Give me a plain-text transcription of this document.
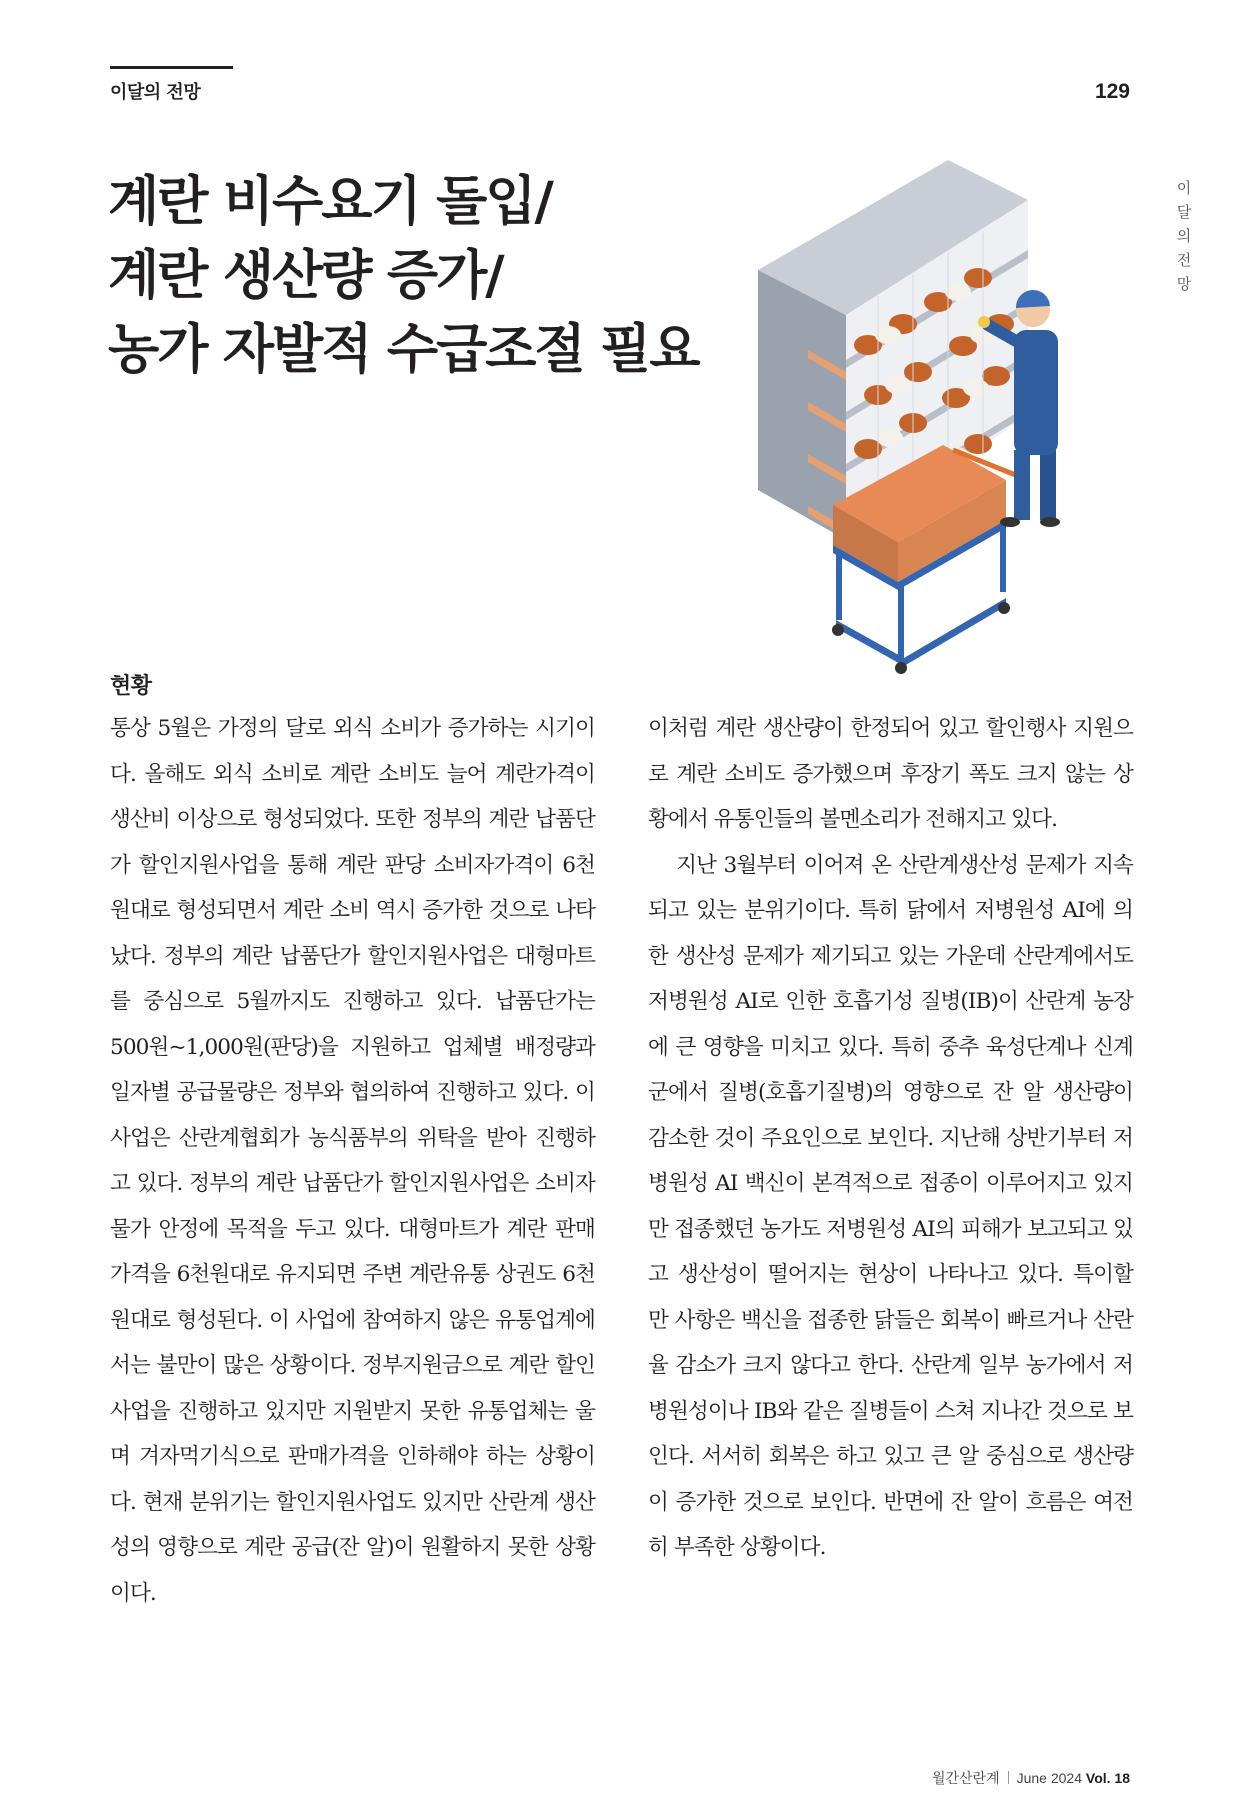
이달의 전망	129
이달의 전망
계란 비수요기 돌입/
계란 생산량 증가/
농가 자발적 수급조절 필요
현황

통상 5월은 가정의 달로 외식 소비가 증가하는 시기이다. 올해도 외식 소비로 계란 소비도 늘어 계란가격이 생산비 이상으로 형성되었다. 또한 정부의 계란 납품단가 할인지원사업을 통해 계란 판당 소비자가격이 6천원대로 형성되면서 계란 소비 역시 증가한 것으로 나타났다. 정부의 계란 납품단가 할인지원사업은 대형마트를 중심으로 5월까지도 진행하고 있다. 납품단가는 500원~1,000원(판당)을 지원하고 업체별 배정량과 일자별 공급물량은 정부와 협의하여 진행하고 있다. 이 사업은 산란계협회가 농식품부의 위탁을 받아 진행하고 있다. 정부의 계란 납품단가 할인지원사업은 소비자 물가 안정에 목적을 두고 있다. 대형마트가 계란 판매가격을 6천원대로 유지되면 주변 계란유통 상권도 6천원대로 형성된다. 이 사업에 참여하지 않은 유통업계에서는 불만이 많은 상황이다. 정부지원금으로 계란 할인사업을 진행하고 있지만 지원받지 못한 유통업체는 울며 겨자먹기식으로 판매가격을 인하해야 하는 상황이다. 현재 분위기는 할인지원사업도 있지만 산란계 생산성의 영향으로 계란 공급(잔 알)이 원활하지 못한 상황이다.

이처럼 계란 생산량이 한정되어 있고 할인행사 지원으로 계란 소비도 증가했으며 후장기 폭도 크지 않는 상황에서 유통인들의 볼멘소리가 전해지고 있다.

지난 3월부터 이어져 온 산란계생산성 문제가 지속되고 있는 분위기이다. 특히 닭에서 저병원성 AI에 의한 생산성 문제가 제기되고 있는 가운데 산란계에서도 저병원성 AI로 인한 호흡기성 질병(IB)이 산란계 농장에 큰 영향을 미치고 있다. 특히 중추 육성단계나 신계군에서 질병(호흡기질병)의 영향으로 잔 알 생산량이 감소한 것이 주요인으로 보인다. 지난해 상반기부터 저병원성 AI 백신이 본격적으로 접종이 이루어지고 있지만 접종했던 농가도 저병원성 AI의 피해가 보고되고 있고 생산성이 떨어지는 현상이 나타나고 있다. 특이할 만 사항은 백신을 접종한 닭들은 회복이 빠르거나 산란율 감소가 크지 않다고 한다. 산란계 일부 농가에서 저병원성이나 IB와 같은 질병들이 스쳐 지나간 것으로 보인다. 서서히 회복은 하고 있고 큰 알 중심으로 생산량이 증가한 것으로 보인다. 반면에 잔 알이 흐름은 여전히 부족한 상황이다.

월간산란계 June 2024 Vol. 18
